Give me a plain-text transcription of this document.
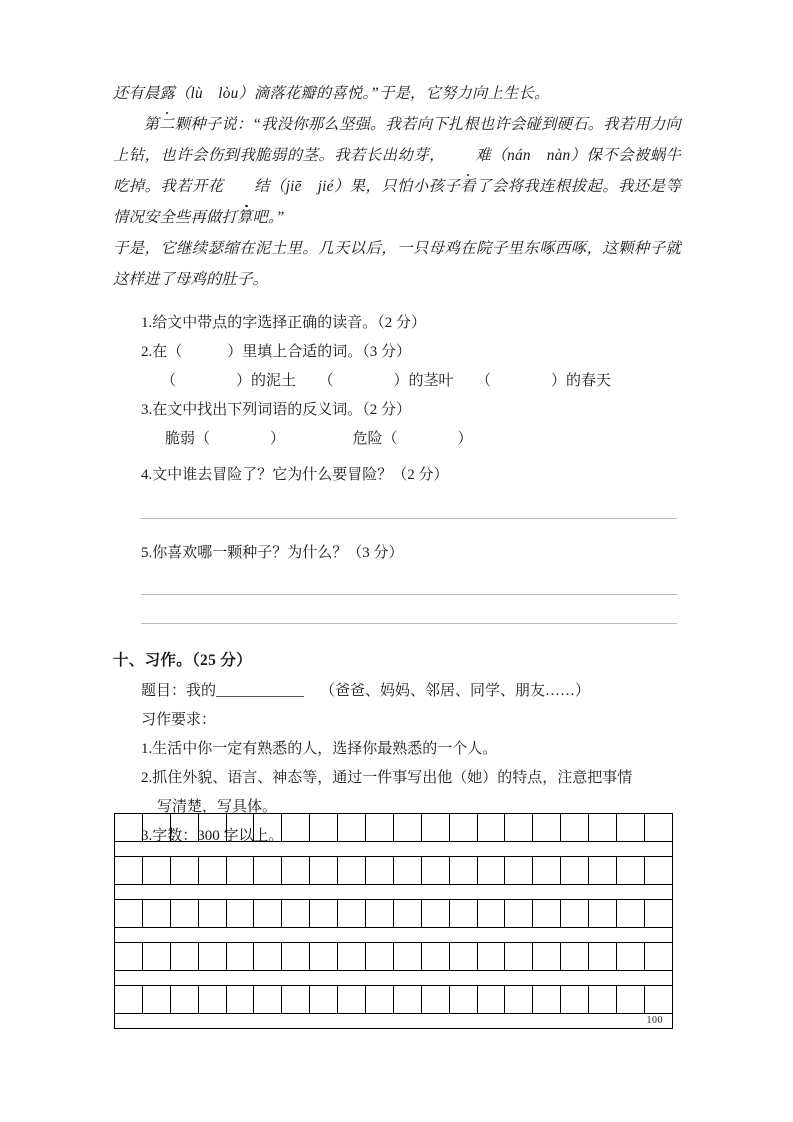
还有晨露（lù　lòu）滴落花瓣的喜悦。”于是，它努力向上生长。

第二颗种子说：“我没你那么坚强。我若向下扎根也许会碰到硬石。我若用力向上钻，也许会伤到我脆弱的茎。我若长出幼芽， 难（nán　nàn）保不会被蜗牛吃掉。我若开花 结（jiē　jié）果，只怕小孩子看了会将我连根拔起。我还是等情况安全些再做打算吧。”

于是，它继续瑟缩在泥土里。几天以后，一只母鸡在院子里东啄西啄，这颗种子就这样进了母鸡的肚子。

1.给文中带点的字选择正确的读音。（2 分）
2.在（　　　）里填上合适的词。（3 分）
（　　　　）的泥土　　（　　　　）的茎叶　　（　　　　）的春天
3.在文中找出下列词语的反义词。（2 分）
脆弱（　　　　）　　　　　危险（　　　　）
4.文中谁去冒险了？它为什么要冒险？（2 分）
5.你喜欢哪一颗种子？为什么？（3 分）
十、习作。（25 分）
题目：我的	（爸爸、妈妈、邻居、同学、朋友……）
习作要求：
1.生活中你一定有熟悉的人，选择你最熟悉的一个人。
2.抓住外貌、语言、神态等，通过一件事写出他（她）的特点，注意把事情
写清楚，写具体。
3.字数：300 字以上。

100																			
